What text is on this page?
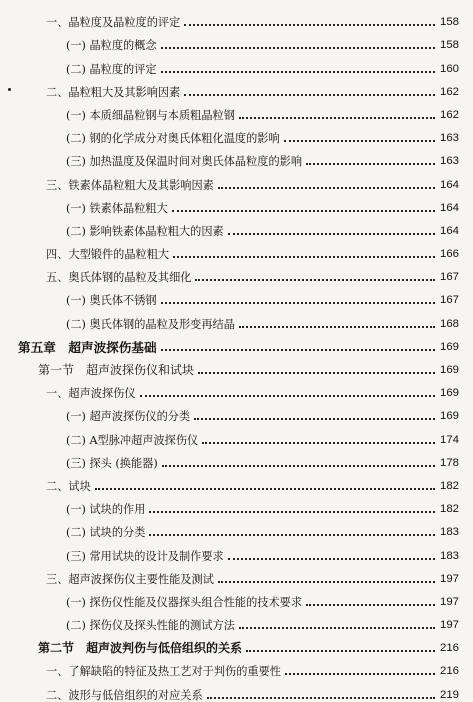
一、晶粒度及晶粒度的评定	158
(一) 晶粒度的概念	158
(二) 晶粒度的评定	160
二、晶粒粗大及其影响因素	162
(一) 本质细晶粒钢与本质粗晶粒钢	162
(二) 钢的化学成分对奥氏体粗化温度的影响	163
(三) 加热温度及保温时间对奥氏体晶粒度的影响	163
三、铁素体晶粒粗大及其影响因素	164
(一) 铁素体晶粒粗大	164
(二) 影响铁素体晶粒粗大的因素	164
四、大型锻件的晶粒粗大	166
五、奥氏体钢的晶粒及其细化	167
(一) 奥氏体不锈钢	167
(二) 奥氏体钢的晶粒及形变再结晶	168
第五章　超声波探伤基础	169
第一节　超声波探伤仪和试块	169
一、超声波探伤仪	169
(一) 超声波探伤仪的分类	169
(二) A型脉冲超声波探伤仪	174
(三) 探头 (换能器)	178
二、试块	182
(一) 试块的作用	182
(二) 试块的分类	183
(三) 常用试块的设计及制作要求	183
三、超声波探伤仪主要性能及测试	197
(一) 探伤仪性能及仪器探头组合性能的技术要求	197
(二) 探伤仪及探头性能的测试方法	197
第二节　超声波判伤与低倍组织的关系	216
一、了解缺陷的特征及热工艺对于判伤的重要性	216
二、波形与低倍组织的对应关系	219
